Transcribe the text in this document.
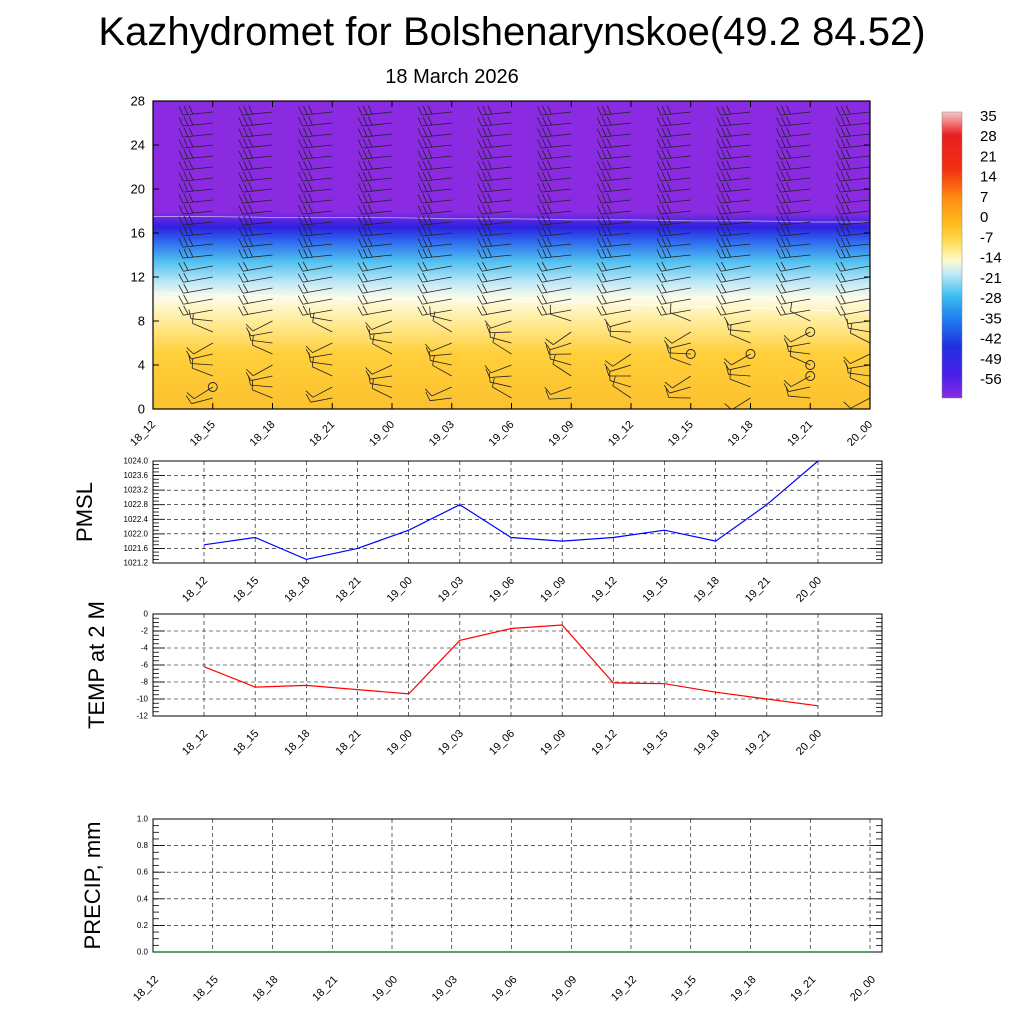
Kazhydromet for Bolshenarynskoe(49.2 84.52)
18 March 2026
0
4
8
12
16
20
24
28
18_12	18_15	18_18	18_21	19_00	19_03	19_06	19_09	19_12	19_15	19_18	19_21	20_00
35
28
21
14
7
0
-7
-14
-21
-28
-35
-42
-49
-56
1021.2
1021.6
1022.0
1022.4
1022.8
1023.2
1023.6
1024.0
18_12 18_15 18_18 18_21 19_00 19_03 19_06 19_09 19_12 19_15 19_18 19_21 20_00
PMSL
0
-2
-4
-6
-8
-10
-12
18_12 18_15 18_18 18_21 19_00 19_03 19_06 19_09 19_12 19_15 19_18 19_21 20_00
TEMP at 2 M
0.0
0.2
0.4
0.6
0.8
1.0
18_12	18_15	18_18	18_21	19_00	19_03	19_06	19_09	19_12	19_15	19_18	19_21	20_00
PRECIP, mm
